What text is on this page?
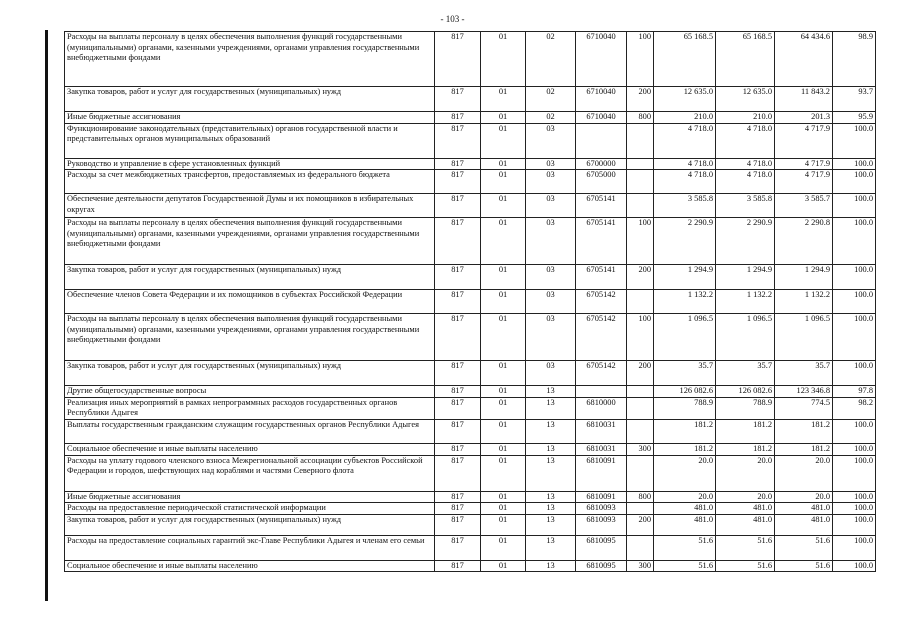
- 103 -
Расходы на выплаты персоналу в целях обеспечения выполнения функций государственными (муниципальными) органами, казенными учреждениями, органами управления государственными внебюджетными фондами	817	01	02	6710040	100	65 168.5	65 168.5	64 434.6	98.9
Закупка товаров, работ и услуг для государственных (муниципальных) нужд	817	01	02	6710040	200	12 635.0	12 635.0	11 843.2	93.7
Иные бюджетные ассигнования	817	01	02	6710040	800	210.0	210.0	201.3	95.9
Функционирование законодательных (представительных) органов государственной власти и представительных органов муниципальных образований	817	01	03			4 718.0	4 718.0	4 717.9	100.0
Руководство и управление в сфере установленных функций	817	01	03	6700000		4 718.0	4 718.0	4 717.9	100.0
Расходы за счет межбюджетных трансфертов, предоставляемых из федерального бюджета	817	01	03	6705000		4 718.0	4 718.0	4 717.9	100.0
Обеспечение деятельности депутатов Государственной Думы и их помощников в избирательных округах	817	01	03	6705141		3 585.8	3 585.8	3 585.7	100.0
Расходы на выплаты персоналу в целях обеспечения выполнения функций государственными (муниципальными) органами, казенными учреждениями, органами управления государственными внебюджетными фондами	817	01	03	6705141	100	2 290.9	2 290.9	2 290.8	100.0
Закупка товаров, работ и услуг для государственных (муниципальных) нужд	817	01	03	6705141	200	1 294.9	1 294.9	1 294.9	100.0
Обеспечение членов Совета Федерации и их помощников в субъектах Российской Федерации	817	01	03	6705142		1 132.2	1 132.2	1 132.2	100.0
Расходы на выплаты персоналу в целях обеспечения выполнения функций государственными (муниципальными) органами, казенными учреждениями, органами управления государственными внебюджетными фондами	817	01	03	6705142	100	1 096.5	1 096.5	1 096.5	100.0
Закупка товаров, работ и услуг для государственных (муниципальных) нужд	817	01	03	6705142	200	35.7	35.7	35.7	100.0
Другие общегосударственные вопросы	817	01	13			126 082.6	126 082.6	123 346.8	97.8
Реализация иных мероприятий в рамках непрограммных расходов государственных органов Республики Адыгея	817	01	13	6810000		788.9	788.9	774.5	98.2
Выплаты государственным гражданским служащим государственных органов Республики Адыгея	817	01	13	6810031		181.2	181.2	181.2	100.0
Социальное обеспечение и иные выплаты населению	817	01	13	6810031	300	181.2	181.2	181.2	100.0
Расходы на уплату годового членского взноса Межрегиональной ассоциации субъектов Российской Федерации и городов, шефствующих над кораблями и частями Северного флота	817	01	13	6810091		20.0	20.0	20.0	100.0
Иные бюджетные ассигнования	817	01	13	6810091	800	20.0	20.0	20.0	100.0
Расходы на предоставление периодической статистической информации	817	01	13	6810093		481.0	481.0	481.0	100.0
Закупка товаров, работ и услуг для государственных (муниципальных) нужд	817	01	13	6810093	200	481.0	481.0	481.0	100.0
Расходы на предоставление социальных гарантий экс-Главе Республики Адыгея и членам его семьи	817	01	13	6810095		51.6	51.6	51.6	100.0
Социальное обеспечение и иные выплаты населению	817	01	13	6810095	300	51.6	51.6	51.6	100.0
